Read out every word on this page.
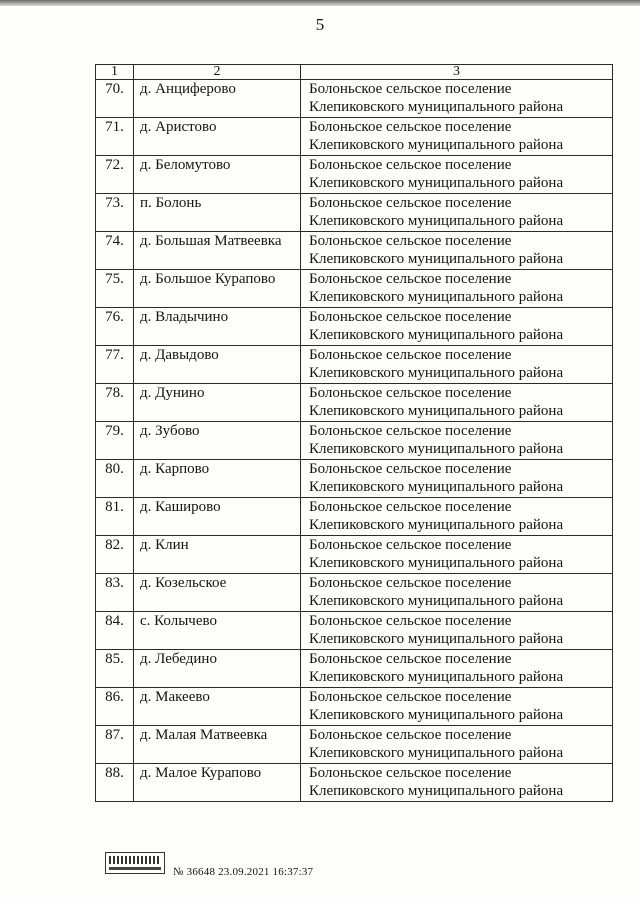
5
1	2	3
70.	д. Анциферово	Болоньское сельское поселение
Клепиковского муниципального района

71.	д. Аристово	Болоньское сельское поселение
Клепиковского муниципального района

72.	д. Беломутово	Болоньское сельское поселение
Клепиковского муниципального района

73.	п. Болонь	Болоньское сельское поселение
Клепиковского муниципального района

74.	д. Большая Матвеевка	Болоньское сельское поселение
Клепиковского муниципального района

75.	д. Большое Курапово	Болоньское сельское поселение
Клепиковского муниципального района

76.	д. Владычино	Болоньское сельское поселение
Клепиковского муниципального района

77.	д. Давыдово	Болоньское сельское поселение
Клепиковского муниципального района

78.	д. Дунино	Болоньское сельское поселение
Клепиковского муниципального района

79.	д. Зубово	Болоньское сельское поселение
Клепиковского муниципального района

80.	д. Карпово	Болоньское сельское поселение
Клепиковского муниципального района

81.	д. Каширово	Болоньское сельское поселение
Клепиковского муниципального района

82.	д. Клин	Болоньское сельское поселение
Клепиковского муниципального района

83.	д. Козельское	Болоньское сельское поселение
Клепиковского муниципального района

84.	с. Колычево	Болоньское сельское поселение
Клепиковского муниципального района

85.	д. Лебедино	Болоньское сельское поселение
Клепиковского муниципального района

86.	д. Макеево	Болоньское сельское поселение
Клепиковского муниципального района

87.	д. Малая Матвеевка	Болоньское сельское поселение
Клепиковского муниципального района

88.	д. Малое Курапово	Болоньское сельское поселение
Клепиковского муниципального района
№ 36648 23.09.2021 16:37:37
